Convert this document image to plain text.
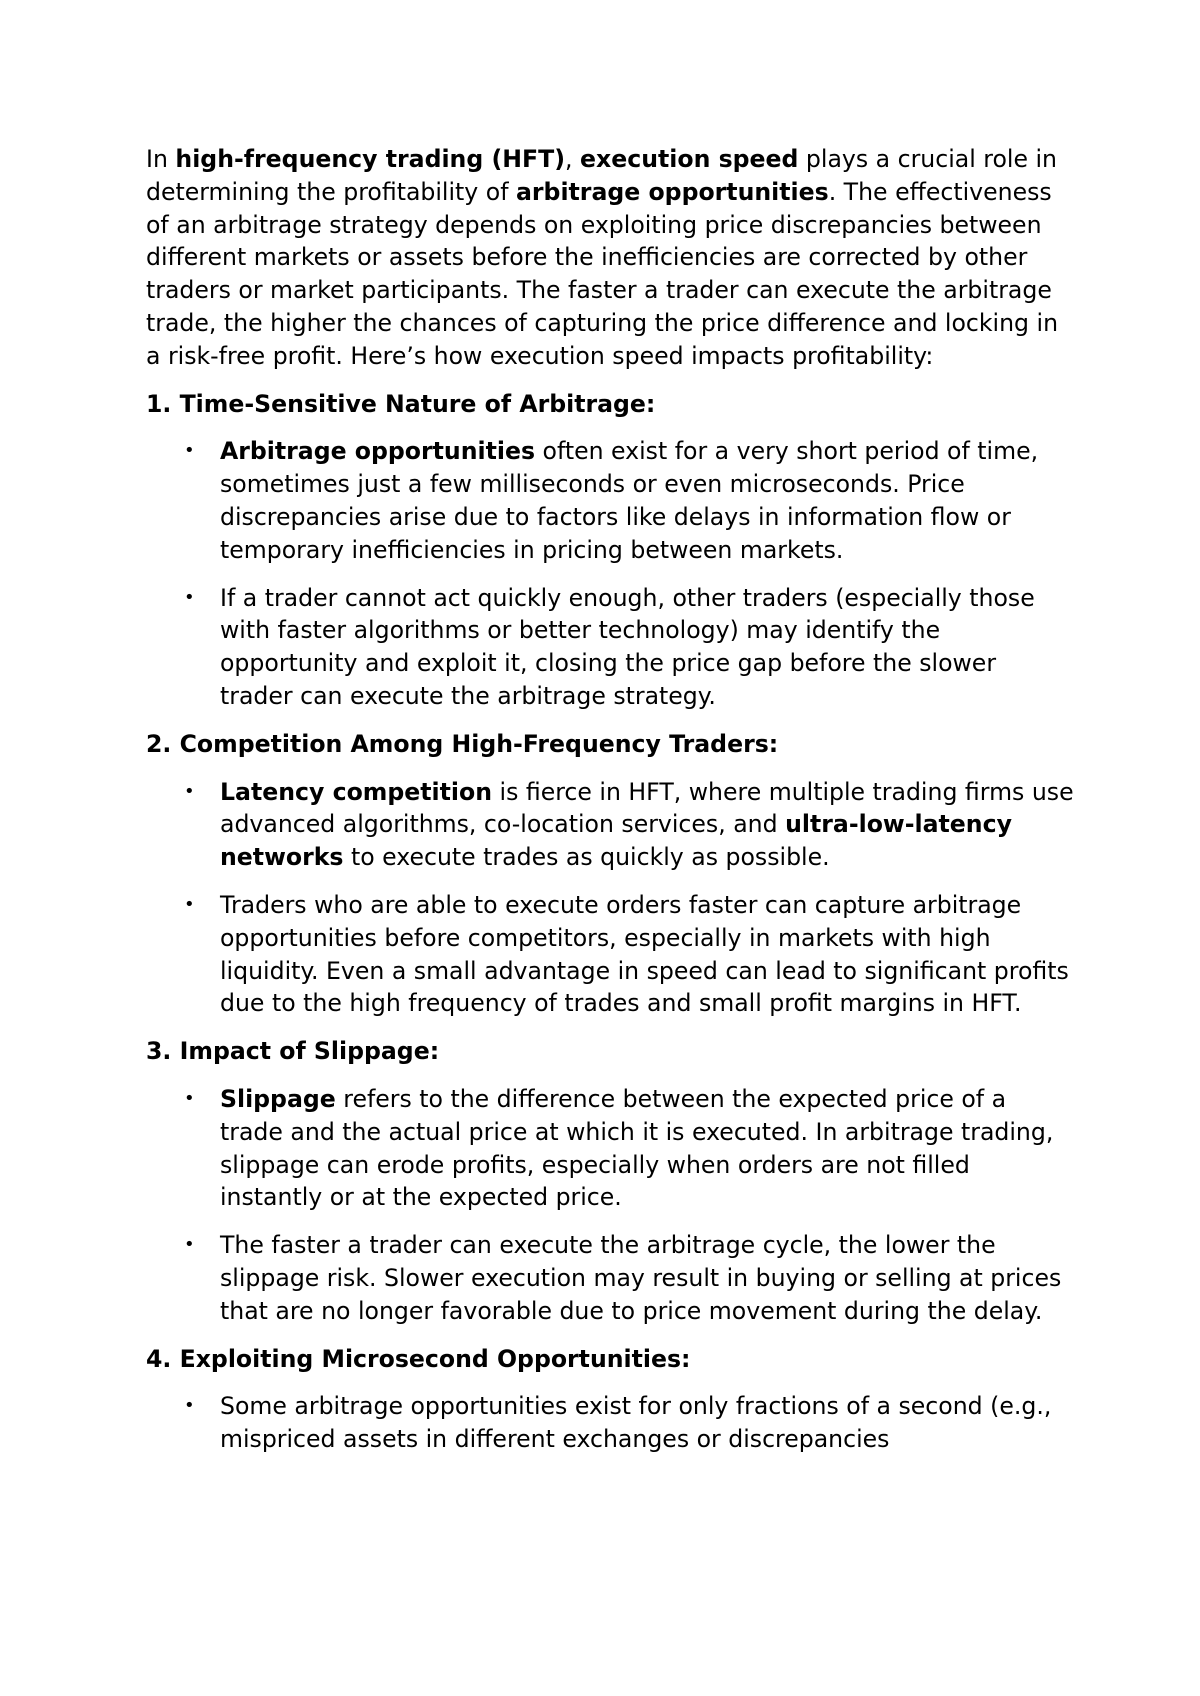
In high-frequency trading (HFT), execution speed plays a crucial role in determining the profitability of arbitrage opportunities. The effectiveness of an arbitrage strategy depends on exploiting price discrepancies between different markets or assets before the inefficiencies are corrected by other traders or market participants. The faster a trader can execute the arbitrage trade, the higher the chances of capturing the price difference and locking in a risk-free profit. Here’s how execution speed impacts profitability:

1. Time-Sensitive Nature of Arbitrage:
• Arbitrage opportunities often exist for a very short period of time, sometimes just a few milliseconds or even microseconds. Price discrepancies arise due to factors like delays in information flow or temporary inefficiencies in pricing between markets.
• If a trader cannot act quickly enough, other traders (especially those with faster algorithms or better technology) may identify the opportunity and exploit it, closing the price gap before the slower trader can execute the arbitrage strategy.
2. Competition Among High-Frequency Traders:
• Latency competition is fierce in HFT, where multiple trading firms use advanced algorithms, co-location services, and ultra-low-latency networks to execute trades as quickly as possible.
• Traders who are able to execute orders faster can capture arbitrage opportunities before competitors, especially in markets with high liquidity. Even a small advantage in speed can lead to significant profits due to the high frequency of trades and small profit margins in HFT.
3. Impact of Slippage:
• Slippage refers to the difference between the expected price of a trade and the actual price at which it is executed. In arbitrage trading, slippage can erode profits, especially when orders are not filled instantly or at the expected price.
• The faster a trader can execute the arbitrage cycle, the lower the slippage risk. Slower execution may result in buying or selling at prices that are no longer favorable due to price movement during the delay.
4. Exploiting Microsecond Opportunities:
• Some arbitrage opportunities exist for only fractions of a second (e.g., mispriced assets in different exchanges or discrepancies
